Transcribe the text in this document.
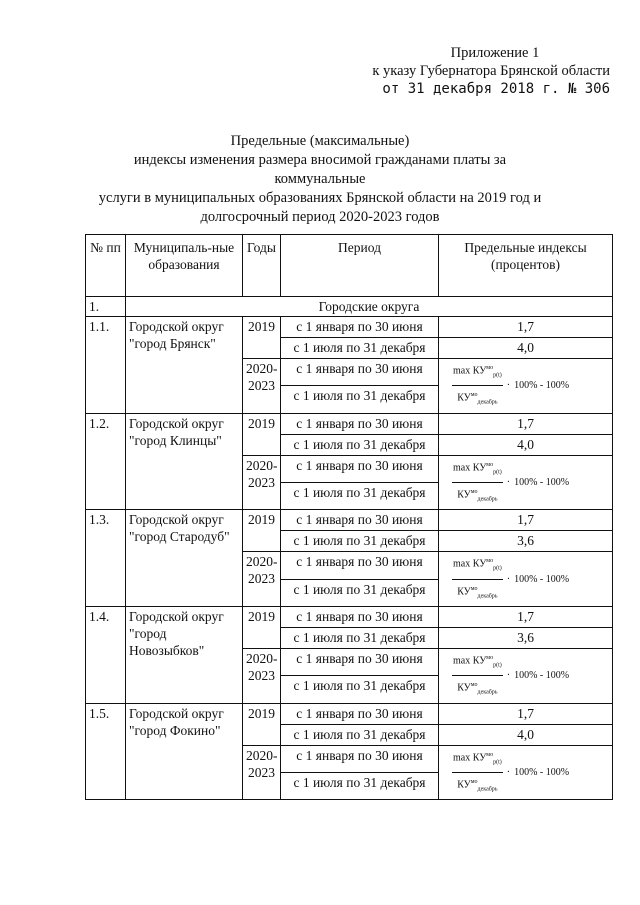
Приложение 1
к указу Губернатора Брянской области
от 31 декабря 2018 г. № 306
Предельные (максимальные)
индексы изменения размера вносимой гражданами платы за коммунальные
услуги в муниципальных образованиях Брянской области на 2019 год и
долгосрочный период 2020-2023 годов
№ пп	Муниципаль-ные образования	Годы	Период	Предельные индексы (процентов)
1.	Городские округа			
1.1.	Городской округ "город Брянск"	2019	с 1 января по 30 июня	1,7
			с 1 июля по 31 декабря	4,0
		2020-2023	с 1 января по 30 июня	$\frac{\max КУ^{мо}_{р(t)}}{КУ^{мо}_{декабрь}} \cdot 100\% - 100\%$

			с 1 июля по 31 декабря	
1.2.	Городской округ "город Клинцы"	2019	с 1 января по 30 июня	1,7
			с 1 июля по 31 декабря	4,0
		2020-2023	с 1 января по 30 июня	$\frac{\max КУ^{мо}_{р(t)}}{КУ^{мо}_{декабрь}} \cdot 100\% - 100\%$

			с 1 июля по 31 декабря	
1.3.	Городской округ "город Стародуб"	2019	с 1 января по 30 июня	1,7
			с 1 июля по 31 декабря	3,6
		2020-2023	с 1 января по 30 июня	$\frac{\max КУ^{мо}_{р(t)}}{КУ^{мо}_{декабрь}} \cdot 100\% - 100\%$

			с 1 июля по 31 декабря	
1.4.	Городской округ "город Новозыбков"	2019	с 1 января по 30 июня	1,7
			с 1 июля по 31 декабря	3,6
		2020-2023	с 1 января по 30 июня	$\frac{\max КУ^{мо}_{р(t)}}{КУ^{мо}_{декабрь}} \cdot 100\% - 100\%$

			с 1 июля по 31 декабря	
1.5.	Городской округ "город Фокино"	2019	с 1 января по 30 июня	1,7
			с 1 июля по 31 декабря	4,0
		2020-2023	с 1 января по 30 июня	$\frac{\max КУ^{мо}_{р(t)}}{КУ^{мо}_{декабрь}} \cdot 100\% - 100\%$

			с 1 июля по 31 декабря	
